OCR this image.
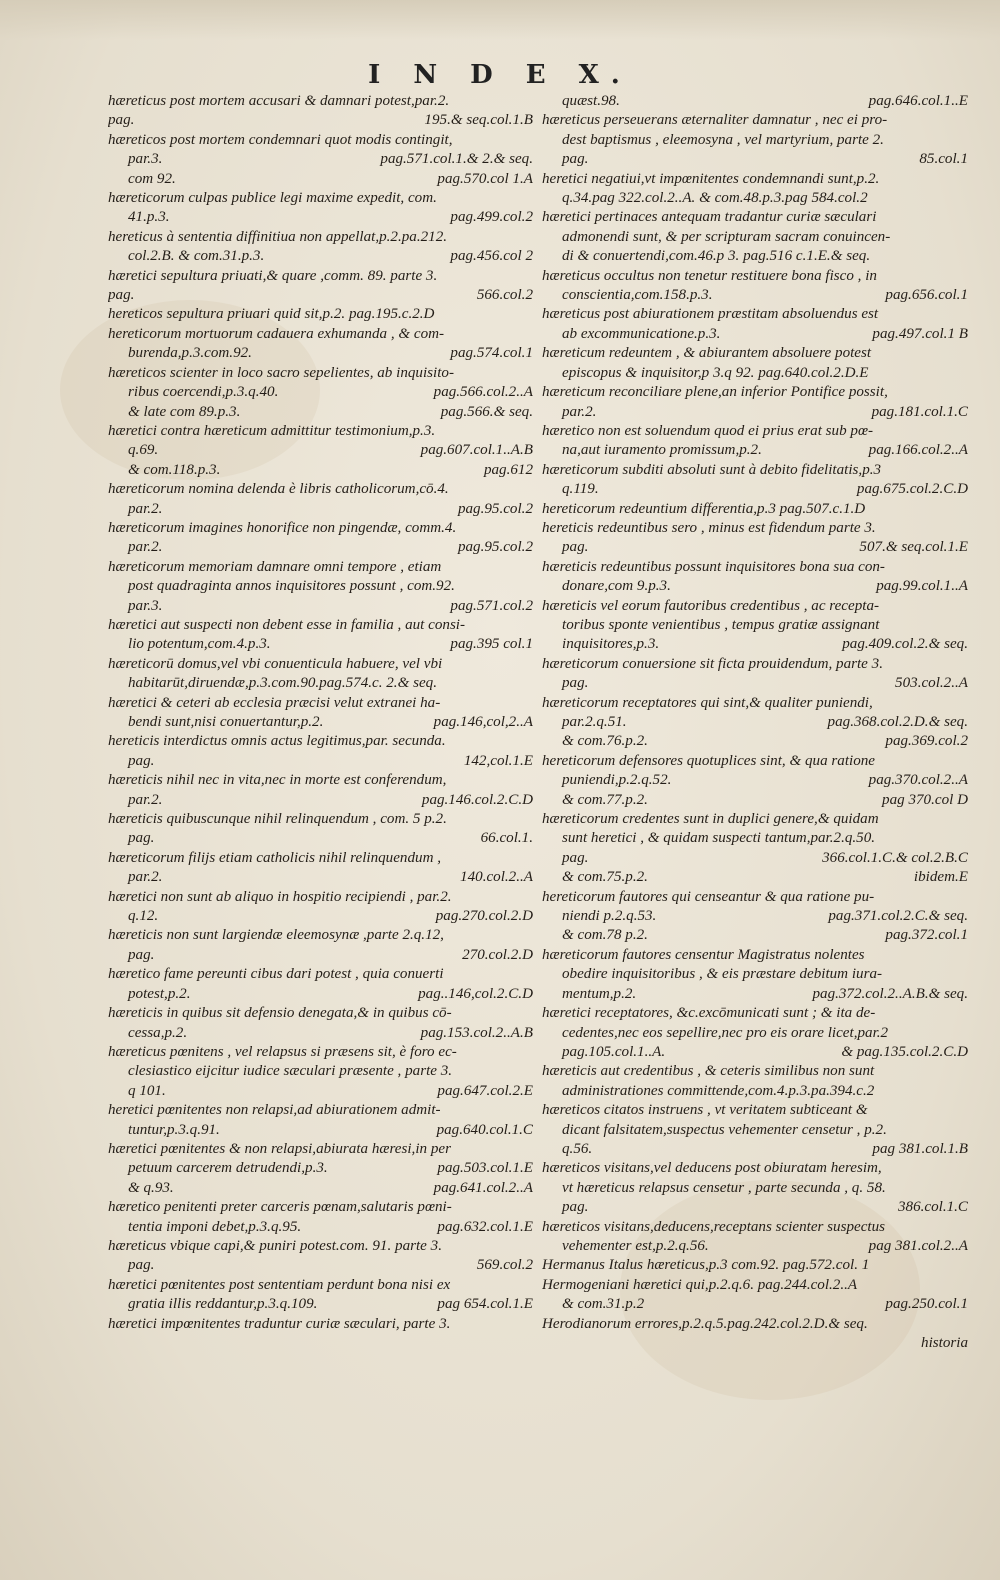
I N D E X.
hæreticus post mortem accusari & damnari potest,par.2.
pag.	195.& seq.col.1.B
hæreticos post mortem condemnari quot modis contingit,
par.3.	pag.571.col.1.& 2.& seq.
com 92.	pag.570.col 1.A
hæreticorum culpas publice legi maxime expedit, com.
41.p.3.	pag.499.col.2
hereticus à sententia diffinitiua non appellat,p.2.pa.212.
col.2.B. & com.31.p.3.	pag.456.col 2
hæretici sepultura priuati,& quare ,comm. 89. parte 3.
pag.	566.col.2
hereticos sepultura priuari quid sit,p.2. pag.195.c.2.D
hereticorum mortuorum cadauera exhumanda , & com-
burenda,p.3.com.92.	pag.574.col.1
hæreticos scienter in loco sacro sepelientes, ab inquisito-
ribus coercendi,p.3.q.40.	pag.566.col.2..A
& late com 89.p.3.	pag.566.& seq.
hæretici contra hæreticum admittitur testimonium,p.3.
q.69.	pag.607.col.1..A.B
& com.118.p.3.	pag.612
hæreticorum nomina delenda è libris catholicorum,cō.4.
par.2.	pag.95.col.2
hæreticorum imagines honorifice non pingendæ, comm.4.
par.2.	pag.95.col.2
hæreticorum memoriam damnare omni tempore , etiam
post quadraginta annos inquisitores possunt , com.92.
par.3.	pag.571.col.2
hæretici aut suspecti non debent esse in familia , aut consi-
lio potentum,com.4.p.3.	pag.395 col.1
hæreticorū domus,vel vbi conuenticula habuere, vel vbi
habitarūt,diruendæ,p.3.com.90.pag.574.c. 2.& seq.
hæretici & ceteri ab ecclesia præcisi velut extranei ha-
bendi sunt,nisi conuertantur,p.2.	pag.146,col,2..A
hereticis interdictus omnis actus legitimus,par. secunda.
pag.	142,col.1.E
hæreticis nihil nec in vita,nec in morte est conferendum,
par.2.	pag.146.col.2.C.D
hæreticis quibuscunque nihil relinquendum , com. 5 p.2.
pag.	66.col.1.
hæreticorum filijs etiam catholicis nihil relinquendum ,
par.2.	140.col.2..A
hæretici non sunt ab aliquo in hospitio recipiendi , par.2.
q.12.	pag.270.col.2.D
hæreticis non sunt largiendæ eleemosynæ ,parte 2.q.12,
pag.	270.col.2.D
hæretico fame pereunti cibus dari potest , quia conuerti
potest,p.2.	pag..146,col.2.C.D
hæreticis in quibus sit defensio denegata,& in quibus cō-
cessa,p.2.	pag.153.col.2..A.B
hæreticus pœnitens , vel relapsus si præsens sit, è foro ec-
clesiastico eijcitur iudice sæculari præsente , parte 3.
q 101.	pag.647.col.2.E
heretici pœnitentes non relapsi,ad abiurationem admit-
tuntur,p.3.q.91.	pag.640.col.1.C
hæretici pœnitentes & non relapsi,abiurata hæresi,in per
petuum carcerem detrudendi,p.3.	pag.503.col.1.E
& q.93.	pag.641.col.2..A
hæretico penitenti preter carceris pœnam,salutaris pœni-
tentia imponi debet,p.3.q.95.	pag.632.col.1.E
hæreticus vbique capi,& puniri potest.com. 91. parte 3.
pag.	569.col.2
hæretici pœnitentes post sententiam perdunt bona nisi ex
gratia illis reddantur,p.3.q.109.	pag 654.col.1.E
hæretici impœnitentes traduntur curiæ sæculari, parte 3.
quæst.98.	pag.646.col.1..E
hæreticus perseuerans æternaliter damnatur , nec ei pro-
dest baptismus , eleemosyna , vel martyrium, parte 2.
pag.	85.col.1
heretici negatiui,vt impœnitentes condemnandi sunt,p.2.
q.34.pag 322.col.2..A. & com.48.p.3.pag 584.col.2
hæretici pertinaces antequam tradantur curiæ sæculari
admonendi sunt, & per scripturam sacram conuincen-
di & conuertendi,com.46.p 3. pag.516 c.1.E.& seq.
hæreticus occultus non tenetur restituere bona fisco , in
conscientia,com.158.p.3.	pag.656.col.1
hæreticus post abiurationem præstitam absoluendus est
ab excommunicatione.p.3.	pag.497.col.1 B
hæreticum redeuntem , & abiurantem absoluere potest
episcopus & inquisitor,p 3.q 92. pag.640.col.2.D.E
hæreticum reconciliare plene,an inferior Pontifice possit,
par.2.	pag.181.col.1.C
hæretico non est soluendum quod ei prius erat sub pœ-
na,aut iuramento promissum,p.2.	pag.166.col.2..A
hæreticorum subditi absoluti sunt à debito fidelitatis,p.3
q.119.	pag.675.col.2.C.D
hereticorum redeuntium differentia,p.3 pag.507.c.1.D
hereticis redeuntibus sero , minus est fidendum parte 3.
pag.	507.& seq.col.1.E
hæreticis redeuntibus possunt inquisitores bona sua con-
donare,com 9.p.3.	pag.99.col.1..A
hæreticis vel eorum fautoribus credentibus , ac recepta-
toribus sponte venientibus , tempus gratiæ assignant
inquisitores,p.3.	pag.409.col.2.& seq.
hæreticorum conuersione sit ficta prouidendum, parte 3.
pag.	503.col.2..A
hæreticorum receptatores qui sint,& qualiter puniendi,
par.2.q.51.	pag.368.col.2.D.& seq.
& com.76.p.2.	pag.369.col.2
hereticorum defensores quotuplices sint, & qua ratione
puniendi,p.2.q.52.	pag.370.col.2..A
& com.77.p.2.	pag 370.col D
hæreticorum credentes sunt in duplici genere,& quidam
sunt heretici , & quidam suspecti tantum,par.2.q.50.
pag.	366.col.1.C.& col.2.B.C
& com.75.p.2.	ibidem.E
hereticorum fautores qui censeantur & qua ratione pu-
niendi p.2.q.53.	pag.371.col.2.C.& seq.
& com.78 p.2.	pag.372.col.1
hæreticorum fautores censentur Magistratus nolentes
obedire inquisitoribus , & eis præstare debitum iura-
mentum,p.2.	pag.372.col.2..A.B.& seq.
hæretici receptatores, &c.excōmunicati sunt ; & ita de-
cedentes,nec eos sepellire,nec pro eis orare licet,par.2
pag.105.col.1..A.	& pag.135.col.2.C.D
hæreticis aut credentibus , & ceteris similibus non sunt
administrationes committende,com.4.p.3.pa.394.c.2
hæreticos citatos instruens , vt veritatem subticeant &
dicant falsitatem,suspectus vehementer censetur , p.2.
q.56.	pag 381.col.1.B
hæreticos visitans,vel deducens post obiuratam heresim,
vt hæreticus relapsus censetur , parte secunda , q. 58.
pag.	386.col.1.C
hæreticos visitans,deducens,receptans scienter suspectus
vehementer est,p.2.q.56.	pag 381.col.2..A
Hermanus Italus hæreticus,p.3 com.92. pag.572.col. 1
Hermogeniani hæretici qui,p.2.q.6. pag.244.col.2..A
& com.31.p.2	pag.250.col.1
Herodianorum errores,p.2.q.5.pag.242.col.2.D.& seq.
historia
